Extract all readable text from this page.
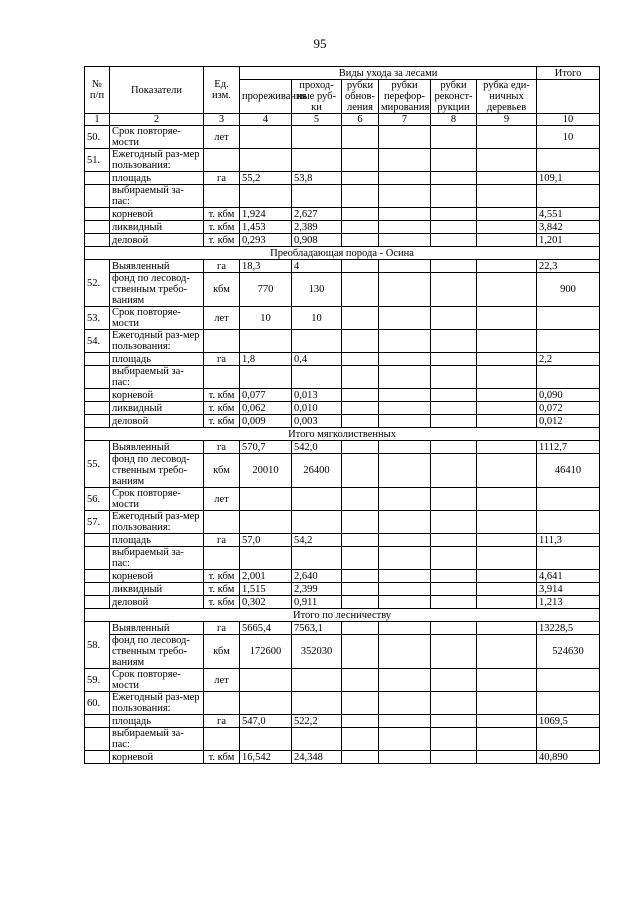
95
№ п/п	Показатели	Ед. изм.	Виды ухода за лесами						Итого
			прореживания	проход-ные руб-ки	рубки обнов-ления	рубки перефор-мирования	рубки реконст-рукции	рубка еди-ничных деревьев	
1	2	3	4	5	6	7	8	9	10
50.	Срок повторяе-мости	лет							10
51.	Ежегодный раз-мер пользования:								
	площадь	га	55,2	53,8					109,1
	выбираемый за-пас:								
	корневой	т. кбм	1,924	2,627					4,551
	ликвидный	т. кбм	1,453	2,389					3,842
	деловой	т. кбм	0,293	0,908					1,201
Преобладающая порода - Осина									
52.	Выявленный	га	18,3	4					22,3
	фонд по лесовод-ственным требо-ваниям	кбм	770	130					900
53.	Срок повторяе-мости	лет	10	10					
54.	Ежегодный раз-мер пользования:								
	площадь	га	1,8	0,4					2,2
	выбираемый за-пас:								
	корневой	т. кбм	0,077	0,013					0,090
	ликвидный	т. кбм	0,062	0,010					0,072
	деловой	т. кбм	0,009	0,003					0,012
Итого мягколиственных									
55.	Выявленный	га	570,7	542,0					1112,7
	фонд по лесовод-ственным требо-ваниям	кбм	20010	26400					46410
56.	Срок повторяе-мости	лет							
57.	Ежегодный раз-мер пользования:								
	площадь	га	57,0	54,2					111,3
	выбираемый за-пас:								
	корневой	т. кбм	2,001	2,640					4,641
	ликвидный	т. кбм	1,515	2,399					3,914
	деловой	т. кбм	0,302	0,911					1,213
Итого по лесничеству									
58.	Выявленный	га	5665,4	7563,1					13228,5
	фонд по лесовод-ственным требо-ваниям	кбм	172600	352030					524630
59.	Срок повторяе-мости	лет							
60.	Ежегодный раз-мер пользования:								
	площадь	га	547,0	522,2					1069,5
	выбираемый за-пас:								
	корневой	т. кбм	16,542	24,348					40,890
